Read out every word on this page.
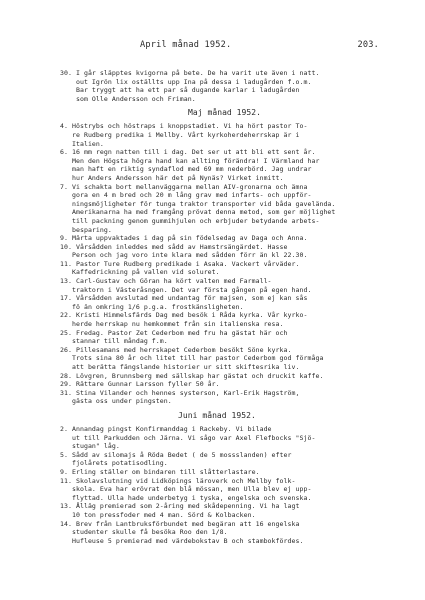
April månad 1952.	203.
30. I går släpptes kvigorna på bete. De ha varit ute även i natt.
out Igrön lix oställts upp Ina på dessa i ladugården f.o.m.
Bar tryggt att ha ett par så dugande karlar i ladugården
som Olle Andersson och Friman.
Maj månad 1952.
4. Höstrybs och höstraps i knoppstadiet. Vi ha hört pastor To-
re Rudberg predika i Mellby. Vårt kyrkoherdeherrskap är i
Italien.
6. 16 mm regn natten till i dag. Det ser ut att bli ett sent år.
Men den Högsta högra hand kan allting förändra! I Värmland har
man haft en riktig syndaflod med 69 mm nederbörd. Jag undrar
hur Anders Andersson här det på Nynäs? Virket inmitt.
7. Vi schakta bort mellanväggarna mellan AIV-gronarna och ämna
gora en 4 m bred och 20 m lång grav med infarts- och uppför-
ningsmöjligheter för tunga traktor transporter vid båda gavelända.
Amerikanarna ha med framgång prövat denna metod, som ger möjlighet
till packning genom gummihjulen och erbjuder betydande arbets-
besparing.
9. Märta uppvaktades i dag på sin födelsedag av Daga och Anna.
10. Vårsådden inleddes med sådd av Hamstrsängärdet. Hasse
Person och jag voro inte klara med sådden förr än kl 22.30.
11. Pastor Ture Rudberg predikade i Asaka. Vackert vårväder.
Kaffedrickning på vallen vid soluret.
13. Carl-Gustav och Göran ha kört valten med Farmall-
traktorn i Västeråsngen. Det var första gången på egen hand.
17. Vårsådden avslutad med undantag för majsen, som ej kan sås
fö än omkring 1/6 p.g.a. frostkänsligheten.
22. Kristi Himmelsfärds Dag med besök i Råda kyrka. Vår kyrko-
herde herrskap nu hemkommet från sin italienska resa.
25. Fredag. Pastor Zet Cederbom med fru ha gästat här och
stannar till måndag f.m.
26. Pillesamans med herrskapet Cederbom besökt Söne kyrka.
Trots sina 80 år och litet till har pastor Cederbom god förmåga
att berätta fängslande historier ur sitt skiftesrika liv.
28. Lövgren, Brunnsberg med sällskap har gästat och druckit kaffe.
29. Rättare Gunnar Larsson fyller 50 år.
31. Stina Vilander och hennes systerson, Karl-Erik Hagström,
gästa oss under pingsten.
Juni månad 1952.
2. Annandag pingst Konfirmanddag i Rackeby. Vi bilade
ut till Parkudden och Järna. Vi sågo var Axel Flefbocks "Sjö-
stugan" låg.
5. Sådd av silomajs å Röda Bedet ( de 5 mossslanden) efter
fjolårets potatisodling.
9. Erling ställer om bindaren till slåtterlastare.
11. Skolavslutning vid Lidköpings läroverk och Mellby folk-
skola. Eva har erövrat den blå mössan, men Ulla blev ej upp-
flyttad. Ulla hade underbetyg i tyska, engelska och svenska.
13. Ålläg premierad som 2-åring med skådepenning. Vi ha lagt
10 ton pressfoder med 4 man. Sörd & Kolbacken.
14. Brev från Lantbruksförbundet med begäran att 16 engelska
studenter skulle få besöka Roo den 1/8.
Hufleuse 5 premierad med värdebokstav B och stambokfördes.
